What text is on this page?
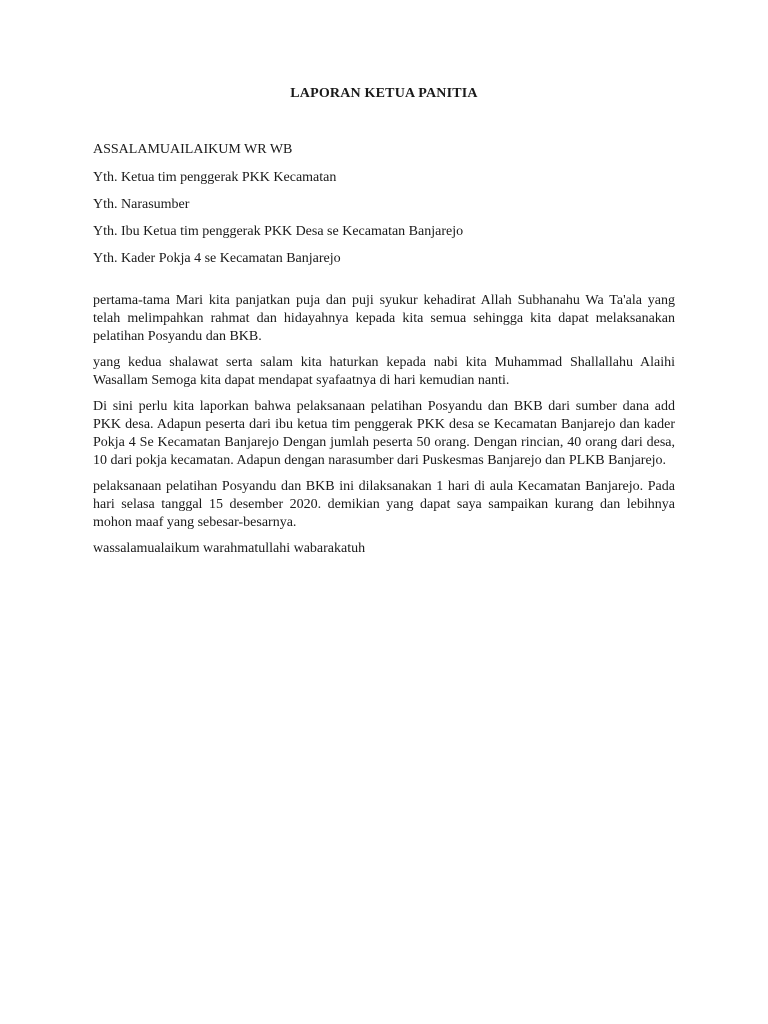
LAPORAN KETUA PANITIA
ASSALAMUAILAIKUM WR WB
Yth. Ketua tim penggerak PKK Kecamatan
Yth. Narasumber
Yth. Ibu Ketua tim penggerak PKK Desa se Kecamatan Banjarejo
Yth. Kader Pokja 4 se Kecamatan Banjarejo

pertama-tama Mari kita panjatkan puja dan puji syukur kehadirat Allah Subhanahu Wa Ta'ala yang telah melimpahkan rahmat dan hidayahnya kepada kita semua sehingga kita dapat melaksanakan pelatihan Posyandu dan BKB.

yang kedua shalawat serta salam kita haturkan kepada nabi kita Muhammad Shallallahu Alaihi Wasallam Semoga kita dapat mendapat syafaatnya di hari kemudian nanti.

Di sini perlu kita laporkan bahwa pelaksanaan pelatihan Posyandu dan BKB dari sumber dana add PKK desa. Adapun peserta dari ibu ketua tim penggerak PKK desa se Kecamatan Banjarejo dan kader Pokja 4 Se Kecamatan Banjarejo Dengan jumlah peserta 50 orang. Dengan rincian, 40 orang dari desa, 10 dari pokja kecamatan. Adapun dengan narasumber dari Puskesmas Banjarejo dan PLKB Banjarejo.

pelaksanaan pelatihan Posyandu dan BKB ini dilaksanakan 1 hari di aula Kecamatan Banjarejo. Pada hari selasa tanggal 15 desember 2020. demikian yang dapat saya sampaikan kurang dan lebihnya mohon maaf yang sebesar-besarnya.

wassalamualaikum warahmatullahi wabarakatuh
